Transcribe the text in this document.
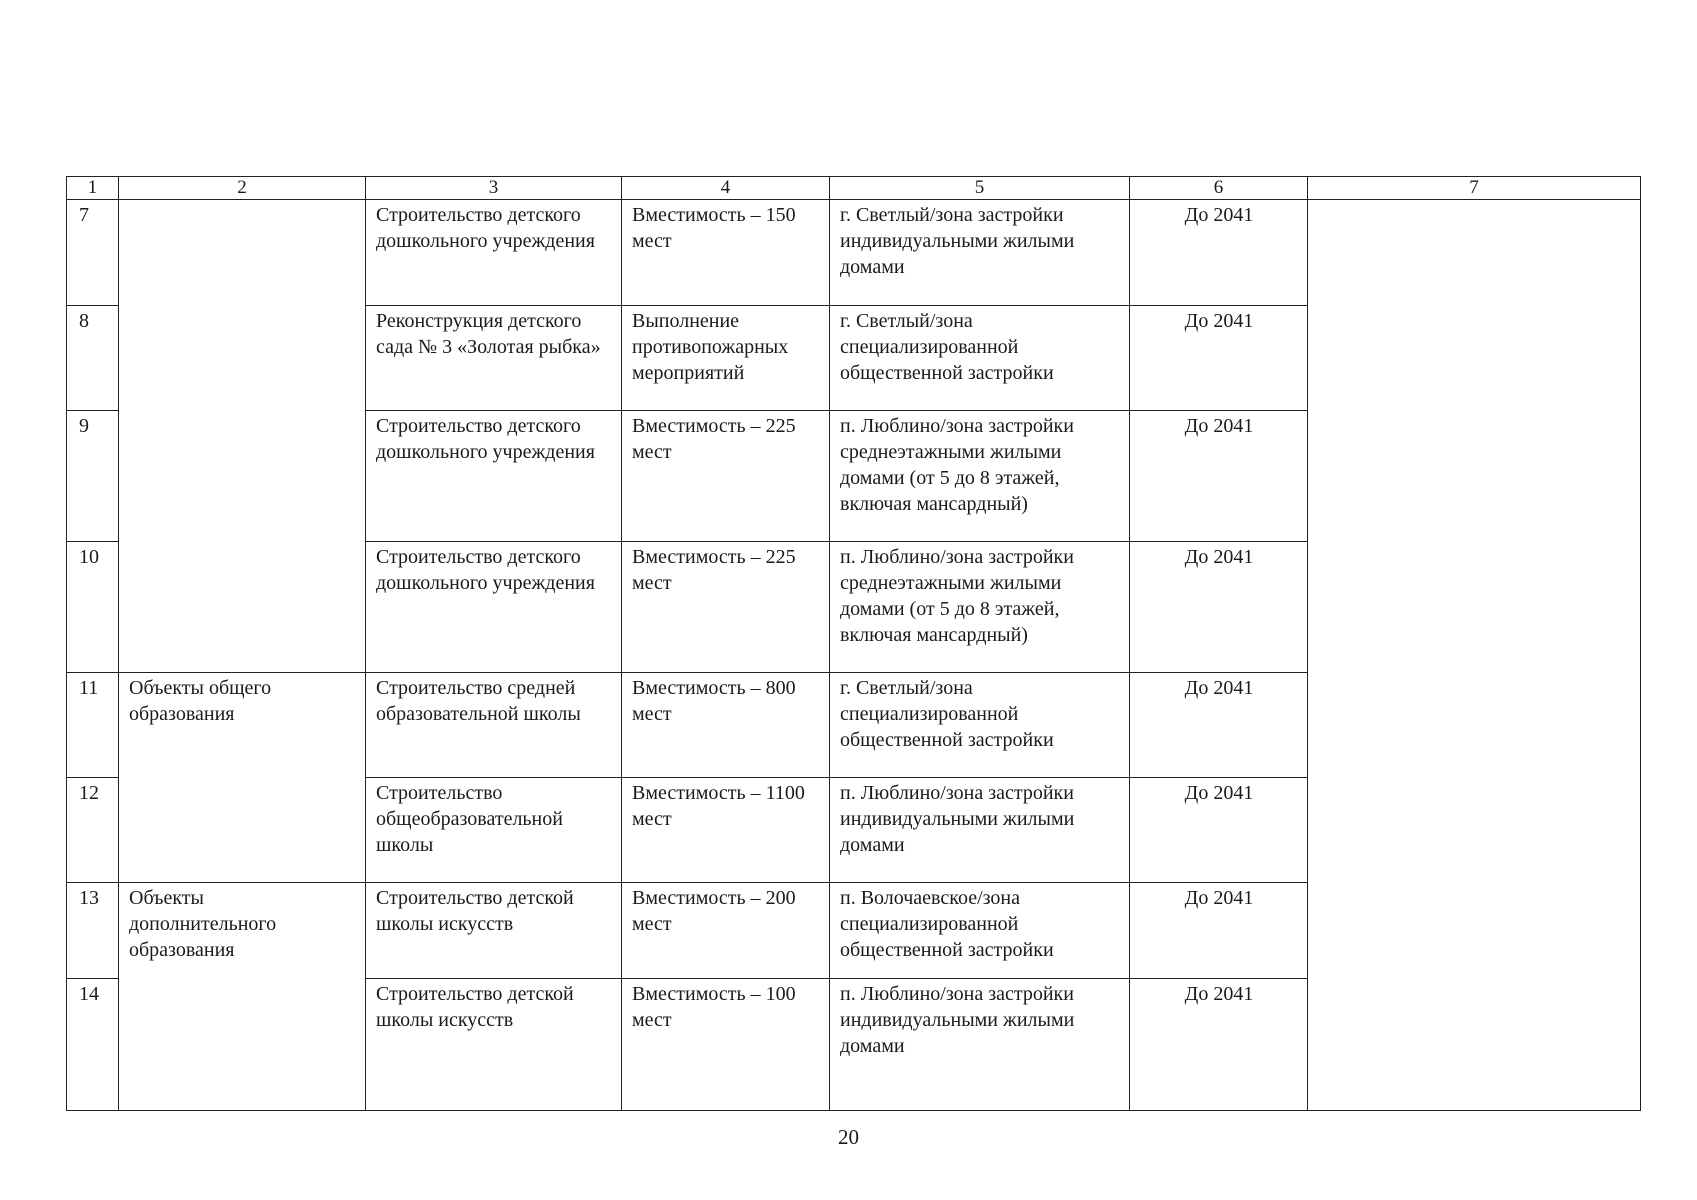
1	2	3	4	5	6	7
7		Строительство детского дошкольного учреждения	Вместимость – 150 мест	г. Светлый/зона застройки индивидуальными жилыми домами	До 2041	
8		Реконструкция детского сада № 3 «Золотая рыбка»	Выполнение противопожарных мероприятий	г. Светлый/зона специализированной общественной застройки	До 2041	
9		Строительство детского дошкольного учреждения	Вместимость – 225 мест	п. Люблино/зона застройки среднеэтажными жилыми домами (от 5 до 8 этажей, включая мансардный)	До 2041	
10		Строительство детского дошкольного учреждения	Вместимость – 225 мест	п. Люблино/зона застройки среднеэтажными жилыми домами (от 5 до 8 этажей, включая мансардный)	До 2041	
11	Объекты общего образования	Строительство средней образовательной школы	Вместимость – 800 мест	г. Светлый/зона специализированной общественной застройки	До 2041	
12		Строительство общеобразовательной школы	Вместимость – 1100 мест	п. Люблино/зона застройки индивидуальными жилыми домами	До 2041	
13	Объекты дополнительного образования	Строительство детской школы искусств	Вместимость – 200 мест	п. Волочаевское/зона специализированной общественной застройки	До 2041	
14		Строительство детской школы искусств	Вместимость – 100 мест	п. Люблино/зона застройки индивидуальными жилыми домами	До 2041	
20
